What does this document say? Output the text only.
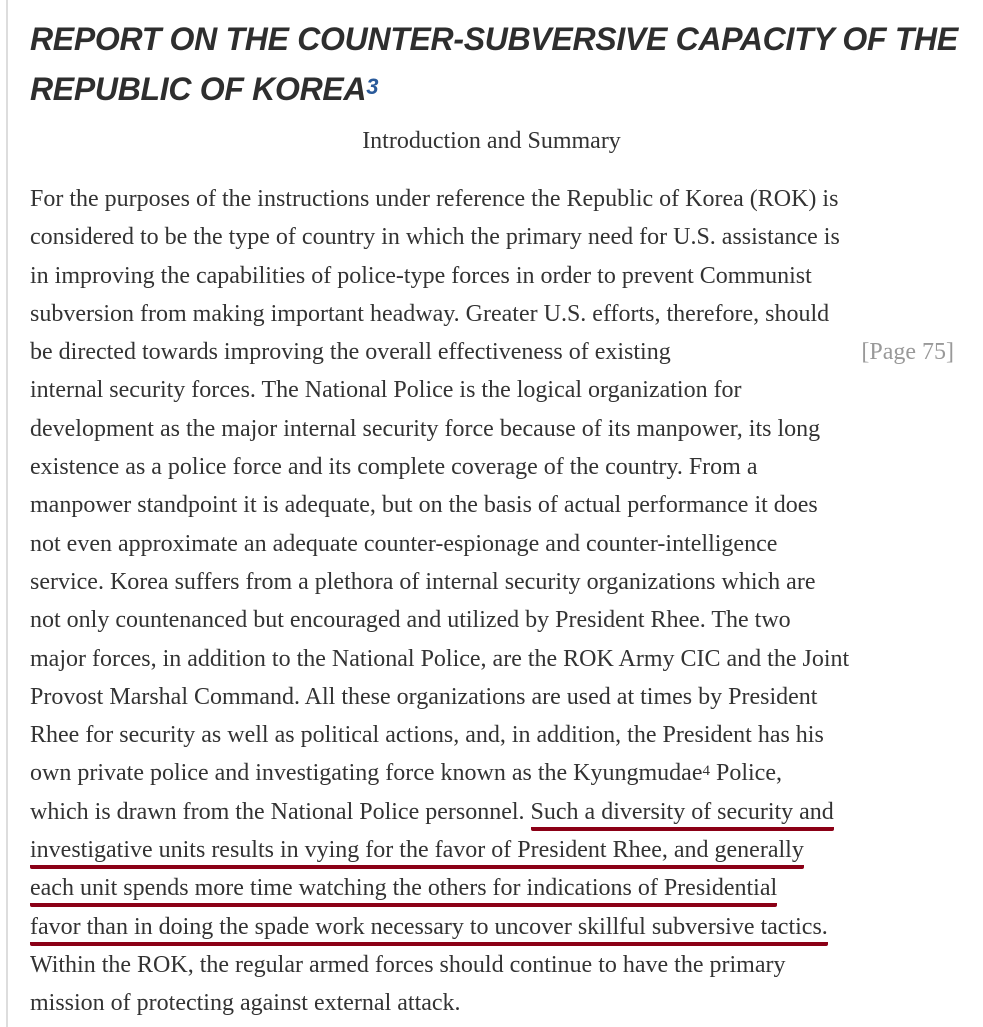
REPORT ON THE COUNTER-SUBVERSIVE CAPACITY OF THE REPUBLIC OF KOREA$^3$
Introduction and Summary
For the purposes of the instructions under reference the Republic of Korea (ROK) is
considered to be the type of country in which the primary need for U.S. assistance is
in improving the capabilities of police-type forces in order to prevent Communist
subversion from making important headway. Greater U.S. efforts, therefore, should
be directed towards improving the overall effectiveness of existing	[Page 75]
internal security forces. The National Police is the logical organization for
development as the major internal security force because of its manpower, its long
existence as a police force and its complete coverage of the country. From a
manpower standpoint it is adequate, but on the basis of actual performance it does
not even approximate an adequate counter-espionage and counter-intelligence
service. Korea suffers from a plethora of internal security organizations which are
not only countenanced but encouraged and utilized by President Rhee. The two
major forces, in addition to the National Police, are the ROK Army CIC and the Joint
Provost Marshal Command. All these organizations are used at times by President
Rhee for security as well as political actions, and, in addition, the President has his
own private police and investigating force known as the Kyungmudae$^4$ Police,
which is drawn from the National Police personnel. Such a diversity of security and
investigative units results in vying for the favor of President Rhee, and generally
each unit spends more time watching the others for indications of Presidential
favor than in doing the spade work necessary to uncover skillful subversive tactics.
Within the ROK, the regular armed forces should continue to have the primary
mission of protecting against external attack.
